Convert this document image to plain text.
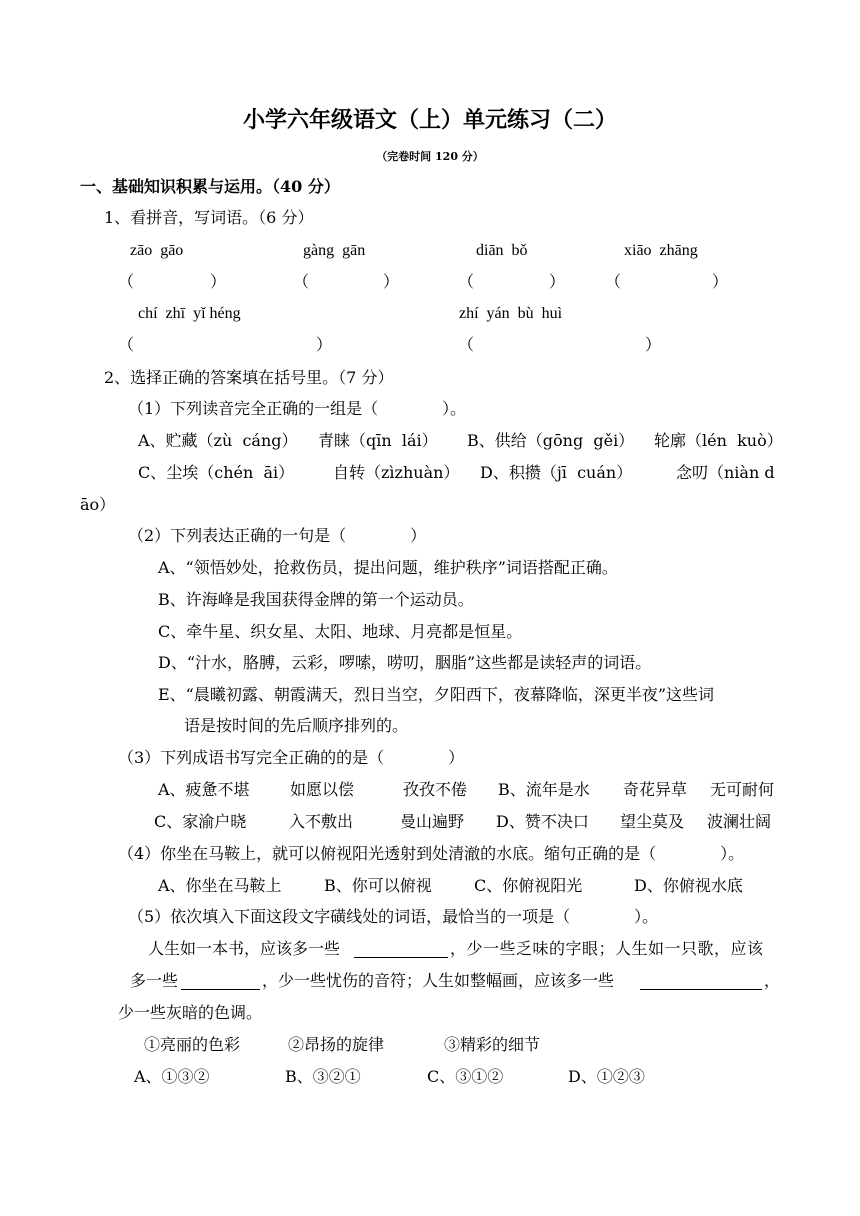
小学六年级语文（上）单元练习（二）
（完卷时间 120 分）
一、基础知识积累与运用。（40 分）
1、看拼音，写词语。（6 分）
zāo  gāo	gàng  gān	diān  bǒ	xiāo  zhāng
（	）	（	）	（	）	（	）
chí  zhī  yǐ héng	zhí  yán  bù  huì
（	）	（	）
2、选择正确的答案填在括号里。（7 分）
（1）下列读音完全正确的一组是（　　　　）。
A、贮藏（zù  cáng） 青睐（qīn  lái） B、供给（gōng  gěi） 轮廓（lén  kuò）
C、尘埃（chén  āi） 自转（zìzhuàn） D、积攒（jī  cuán）	念叨（niàn d
āo）
（2）下列表达正确的一句是（　　　　）
A、“领悟妙处，抢救伤员，提出问题，维护秩序”词语搭配正确。
B、许海峰是我国获得金牌的第一个运动员。
C、牵牛星、织女星、太阳、地球、月亮都是恒星。
D、“汁水，胳膊，云彩，啰嗦，唠叨，胭脂”这些都是读轻声的词语。
E、“晨曦初露、朝霞满天，烈日当空，夕阳西下，夜幕降临，深更半夜”这些词
语是按时间的先后顺序排列的。
（3）下列成语书写完全正确的的是（　　　　）
A、疲惫不堪	如愿以偿	孜孜不倦 B、流年是水 奇花异草 无可耐何
C、家渝户晓	入不敷出	曼山遍野 D、赞不决口 望尘莫及 波澜壮阔
（4）你坐在马鞍上，就可以俯视阳光透射到处清澈的水底。缩句正确的是（　　　　）。
A、你坐在马鞍上	B、你可以俯视	C、你俯视阳光	D、你俯视水底
（5）依次填入下面这段文字磺线处的词语，最恰当的一项是（　　　　）。
人生如一本书，应该多一些	，少一些乏味的字眼；人生如一只歌，应该
多一些	，少一些忧伤的音符；人生如整幅画，应该多一些	，
少一些灰暗的色调。
①亮丽的色彩	②昂扬的旋律	③精彩的细节
A、①③②	B、③②①	C、③①②	D、①②③
